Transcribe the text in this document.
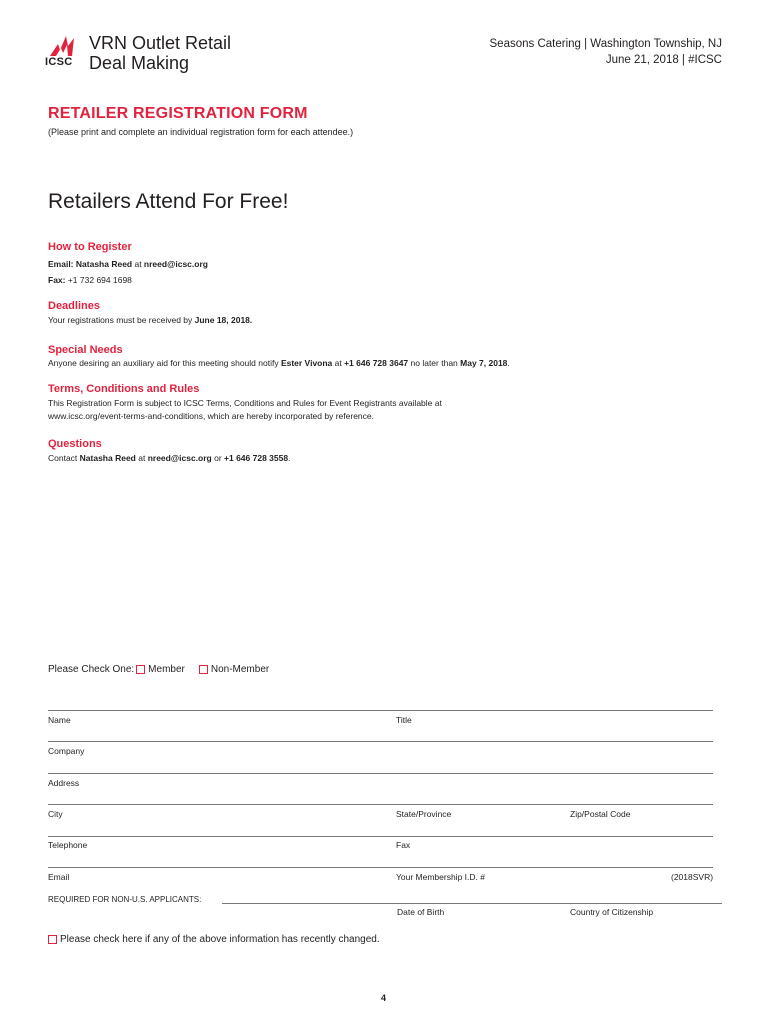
ICSC
VRN Outlet Retail
Deal Making
Seasons Catering | Washington Township, NJ
June 21, 2018 | #ICSC
RETAILER REGISTRATION FORM
(Please print and complete an individual registration form for each attendee.)
Retailers Attend For Free!
How to Register
Email: Natasha Reed at nreed@icsc.org
Fax: +1 732 694 1698
Deadlines
Your registrations must be received by June 18, 2018.
Special Needs
Anyone desiring an auxiliary aid for this meeting should notify Ester Vivona at +1 646 728 3647 no later than May 7, 2018.
Terms, Conditions and Rules
This Registration Form is subject to ICSC Terms, Conditions and Rules for Event Registrants available at
www.icsc.org/event-terms-and-conditions, which are hereby incorporated by reference.
Questions
Contact Natasha Reed at nreed@icsc.org or +1 646 728 3558.
Please Check One: Member	Non-Member
Name	Title
Company
Address
City	State/Province	Zip/Postal Code
Telephone	Fax
Email	Your Membership I.D. #	(2018SVR)
REQUIRED FOR NON-U.S. APPLICANTS:
Date of Birth	Country of Citizenship
Please check here if any of the above information has recently changed.
4
